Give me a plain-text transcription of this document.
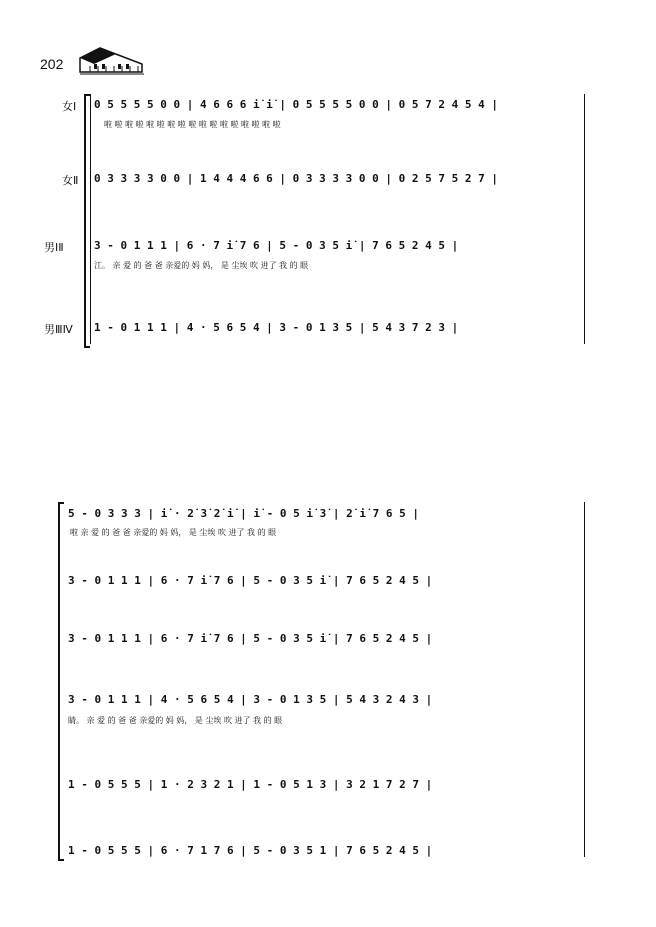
202
女Ⅰ
女Ⅱ
男ⅠⅡ
男ⅢⅣ
0 5 5 5 5 0 0 | 4 6 6 6 i̇ i̇ | 0 5 5 5 5 0 0 | 0 5 7 2 4 5 4 |
啦 啦 啦 啦 啦 啦 啦 啦 啦 啦 啦 啦 啦 啦 啦 啦 啦
0 3 3 3 3 0 0 | 1 4 4 4 6 6 | 0 3 3 3 3 0 0 | 0 2 5 7 5 2 7 |
3 - 0 1 1 1 | 6 · 7 i̇ 7 6 | 5 - 0 3 5 i̇ | 7 6 5 2 4 5 |
江。 亲 爱 的 爸 爸 亲爱的 妈 妈， 是 尘埃 吹 进了 我 的 眼
1 - 0 1 1 1 | 4 · 5 6 5 4 | 3 - 0 1 3 5 | 5 4 3 7 2 3 |
5 - 0 3 3 3 | i̇ · 2̇ 3̇ 2̇ i̇ | i̇ - 0 5 i̇ 3̇ | 2̇ i̇ 7 6 5 |
啦 亲 爱 的 爸 爸 亲爱的 妈 妈， 是 尘埃 吹 进了 我 的 眼
3 - 0 1 1 1 | 6 · 7 i̇ 7 6 | 5 - 0 3 5 i̇ | 7 6 5 2 4 5 |
3 - 0 1 1 1 | 6 · 7 i̇ 7 6 | 5 - 0 3 5 i̇ | 7 6 5 2 4 5 |
3 - 0 1 1 1 | 4 · 5 6 5 4 | 3 - 0 1 3 5 | 5 4 3 2 4 3 |
睛。 亲 爱 的 爸 爸 亲爱的 妈 妈， 是 尘埃 吹 进了 我 的 眼
1 - 0 5 5 5 | 1 · 2 3 2 1 | 1 - 0 5 1 3 | 3 2 1 7 2 7 |
1 - 0 5 5 5 | 6 · 7 1 7 6 | 5 - 0 3 5 1 | 7 6 5 2 4 5 |
